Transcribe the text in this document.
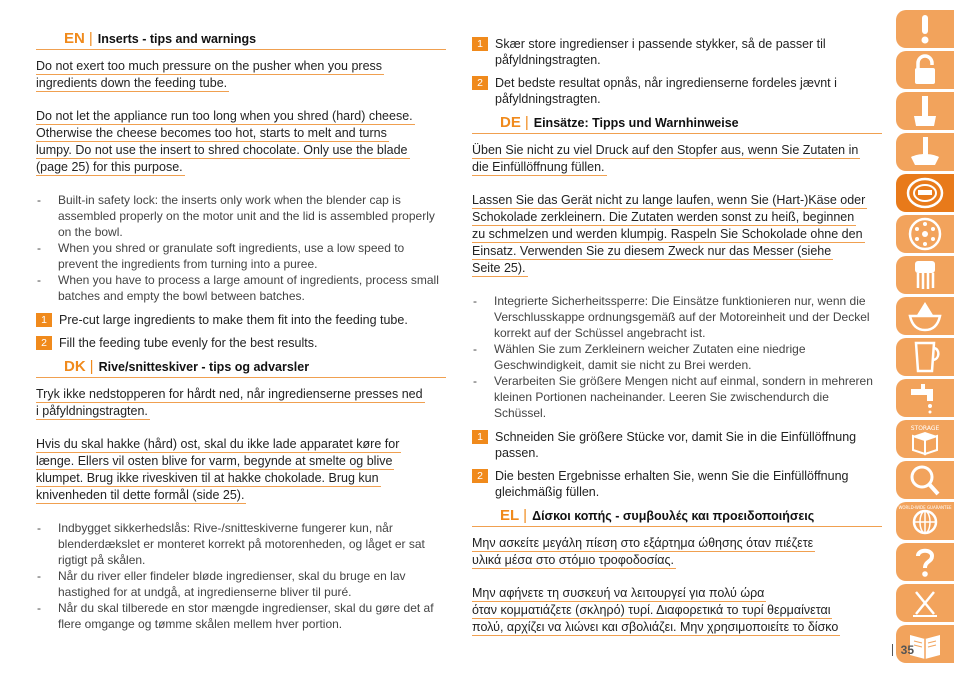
EN | Inserts - tips and warnings
Do not exert too much pressure on the pusher when you press
ingredients down the feeding tube.
Do not let the appliance run too long when you shred (hard) cheese.
Otherwise the cheese becomes too hot, starts to melt and turns
lumpy. Do not use the insert to shred chocolate. Only use the blade
(page 25) for this purpose.
- Built-in safety lock: the inserts only work when the blender cap is assembled properly on the motor unit and the lid is assembled properly on the bowl.
- When you shred or granulate soft ingredients, use a low speed to prevent the ingredients from turning into a puree.
- When you have to process a large amount of ingredients, process small batches and empty the bowl between batches.
1 Pre-cut large ingredients to make them fit into the feeding tube.
2 Fill the feeding tube evenly for the best results.
DK | Rive/snitteskiver - tips og advarsler
Tryk ikke nedstopperen for hårdt ned, når ingredienserne presses ned
i påfyldningstragten.
Hvis du skal hakke (hård) ost, skal du ikke lade apparatet køre for
længe. Ellers vil osten blive for varm, begynde at smelte og blive
klumpet. Brug ikke riveskiven til at hakke chokolade. Brug kun
knivenheden til dette formål (side 25).
- Indbygget sikkerhedslås: Rive-/snitteskiverne fungerer kun, når blenderdækslet er monteret korrekt på motorenheden, og låget er sat rigtigt på skålen.
- Når du river eller findeler bløde ingredienser, skal du bruge en lav hastighed for at undgå, at ingredienserne bliver til puré.
- Når du skal tilberede en stor mængde ingredienser, skal du gøre det af flere omgange og tømme skålen mellem hver portion.
1 Skær store ingredienser i passende stykker, så de passer til påfyldningstragten.
2 Det bedste resultat opnås, når ingredienserne fordeles jævnt i påfyldningstragten.
DE | Einsätze: Tipps und Warnhinweise
Üben Sie nicht zu viel Druck auf den Stopfer aus, wenn Sie Zutaten in
die Einfüllöffnung füllen.
Lassen Sie das Gerät nicht zu lange laufen, wenn Sie (Hart-)Käse oder
Schokolade zerkleinern. Die Zutaten werden sonst zu heiß, beginnen
zu schmelzen und werden klumpig. Raspeln Sie Schokolade ohne den
Einsatz. Verwenden Sie zu diesem Zweck nur das Messer (siehe
Seite 25).
- Integrierte Sicherheitssperre: Die Einsätze funktionieren nur, wenn die Verschlusskappe ordnungsgemäß auf der Motoreinheit und der Deckel korrekt auf der Schüssel angebracht ist.
- Wählen Sie zum Zerkleinern weicher Zutaten eine niedrige Geschwindigkeit, damit sie nicht zu Brei werden.
- Verarbeiten Sie größere Mengen nicht auf einmal, sondern in mehreren kleinen Portionen nacheinander. Leeren Sie zwischendurch die Schüssel.
1 Schneiden Sie größere Stücke vor, damit Sie in die Einfüllöffnung passen.
2 Die besten Ergebnisse erhalten Sie, wenn Sie die Einfüllöffnung gleichmäßig füllen.
EL | Δίσκοι κοπής - συμβουλές και προειδοποιήσεις
Μην ασκείτε μεγάλη πίεση στο εξάρτημα ώθησης όταν πιέζετε
υλικά μέσα στο στόμιο τροφοδοσίας.
Μην αφήνετε τη συσκευή να λειτουργεί για πολύ ώρα
όταν κομματιάζετε (σκληρό) τυρί. Διαφορετικά το τυρί θερμαίνεται
πολύ, αρχίζει να λιώνει και σβολιάζει. Μην χρησιμοποιείτε το δίσκο
STORAGE
WORLD-WIDE GUARANTEE
35
